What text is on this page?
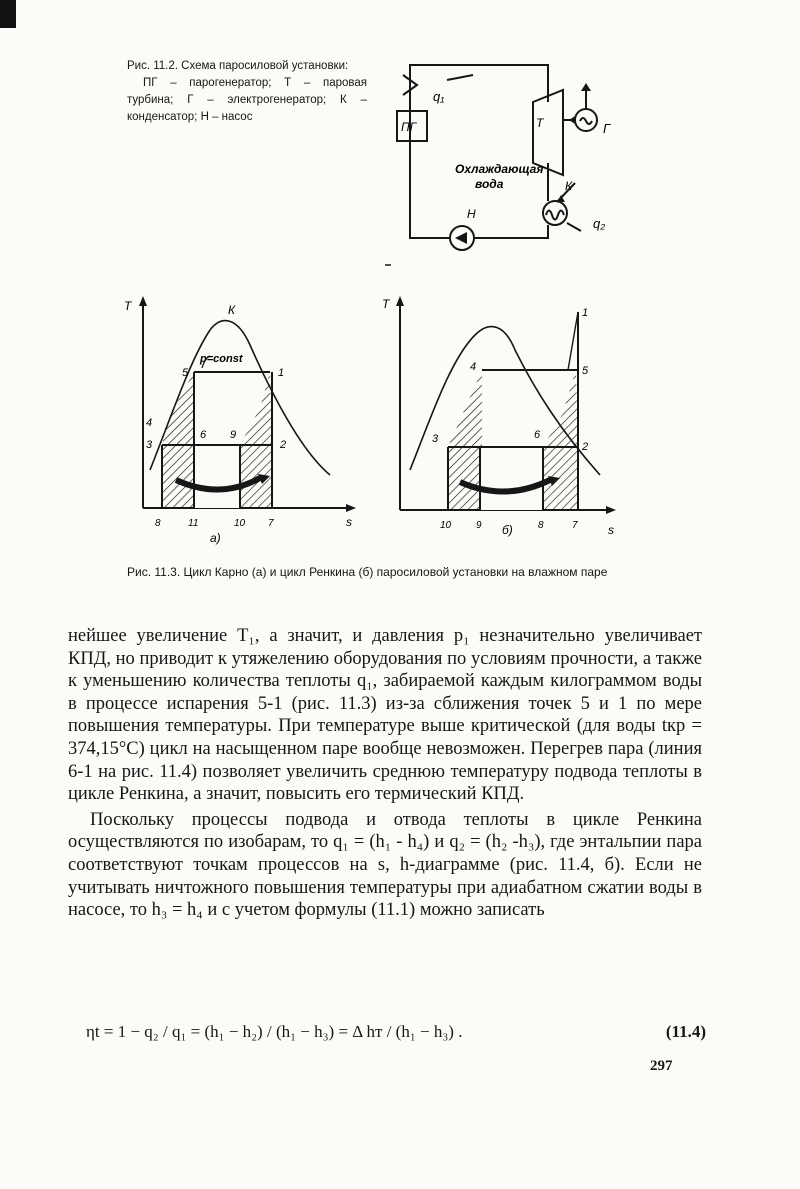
Рис. 11.2. Схема паросиловой установки:
ПГ – парогенератор; Т – паровая турбина; Г – электрогенератор; К – конденсатор; Н – насос
ПГ	Т	Г
К
Н
q₁
q₂
Охлаждающая
вода
T
s
К
p=const
5	1
4
3
6 9
2
8	11	10 7
а)
T
s
1
4	5
3	6
2
10 9	8	7
б)
Рис. 11.3. Цикл Карно (а) и цикл Ренкина (б) паросиловой установки на влажном паре

нейшее увеличение T₁, а значит, и давления p₁ незначительно увеличивает КПД, но приводит к утяжелению оборудования по условиям прочности, а также к уменьшению количества теплоты q₁, забираемой каждым килограммом воды в процессе испарения 5-1 (рис. 11.3) из-за сближения точек 5 и 1 по мере повышения температуры. При температуре выше критической (для воды tкр = 374,15°С) цикл на насыщенном паре вообще невозможен. Перегрев пара (линия 6-1 на рис. 11.4) позволяет увеличить среднюю температуру подвода теплоты в цикле Ренкина, а значит, повысить его термический КПД.

Поскольку процессы подвода и отвода теплоты в цикле Ренкина осуществляются по изобарам, то q₁ = (h₁ - h₄) и q₂ = (h₂ -h₃), где энтальпии пара соответствуют точкам процессов на s, h-диаграмме (рис. 11.4, б). Если не учитывать ничтожного повышения температуры при адиабатном сжатии воды в насосе, то h₃ = h₄ и с учетом формулы (11.1) можно записать

ηt = 1 − q₂ / q₁ = (h₁ − h₂) / (h₁ − h₃) = Δ hт / (h₁ − h₃) .	(11.4)
297
